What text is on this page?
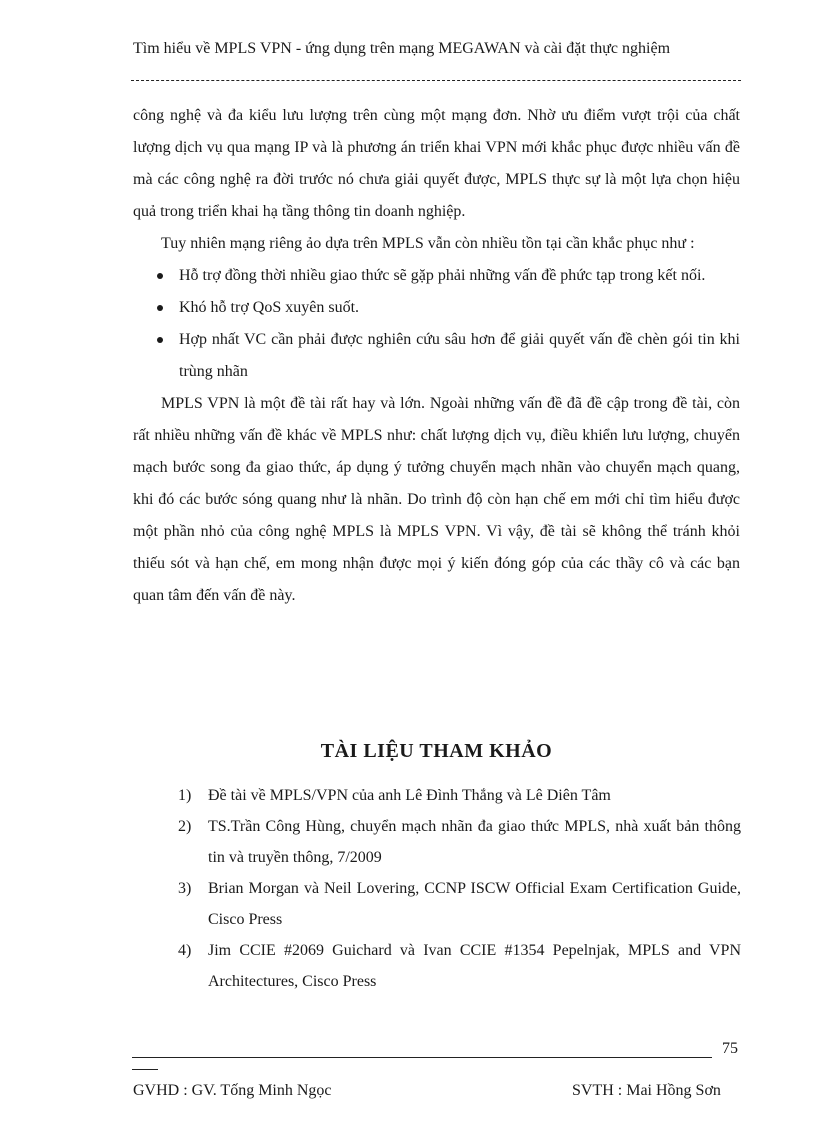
Tìm hiểu về MPLS VPN - ứng dụng trên mạng MEGAWAN và cài đặt thực nghiệm

công nghệ và đa kiểu lưu lượng trên cùng một mạng đơn. Nhờ ưu điểm vượt trội của chất lượng dịch vụ qua mạng IP và là phương án triển khai VPN mới khắc phục được nhiều vấn đề mà các công nghệ ra đời trước nó chưa giải quyết được, MPLS thực sự là một lựa chọn hiệu quả trong triển khai hạ tầng thông tin doanh nghiệp.

Tuy nhiên mạng riêng ảo dựa trên MPLS vẫn còn nhiều tồn tại cần khắc phục như :

Hỗ trợ đồng thời nhiều giao thức sẽ gặp phải những vấn đề phức tạp trong kết nối.
Khó hỗ trợ QoS xuyên suốt.
Hợp nhất VC cần phải được nghiên cứu sâu hơn để giải quyết vấn đề chèn gói tin khi trùng nhãn

MPLS VPN là một đề tài rất hay và lớn. Ngoài những vấn đề đã đề cập trong đề tài, còn rất nhiều những vấn đề khác về MPLS như: chất lượng dịch vụ, điều khiển lưu lượng, chuyển mạch bước song đa giao thức, áp dụng ý tưởng chuyển mạch nhãn vào chuyển mạch quang, khi đó các bước sóng quang như là nhãn. Do trình độ còn hạn chế em mới chỉ tìm hiểu được một phần nhỏ của công nghệ MPLS là MPLS VPN. Vì vậy, đề tài sẽ không thể tránh khỏi thiếu sót và hạn chế, em mong nhận được mọi ý kiến đóng góp của các thầy cô và các bạn quan tâm đến vấn đề này.

TÀI LIỆU THAM KHẢO
1) Đề tài về MPLS/VPN của anh Lê Đình Thắng và Lê Diên Tâm
2) TS.Trần Công Hùng, chuyển mạch nhãn đa giao thức MPLS, nhà xuất bản thông tin và truyền thông, 7/2009
3) Brian Morgan và Neil Lovering, CCNP ISCW Official Exam Certification Guide, Cisco Press
4) Jim CCIE #2069 Guichard và Ivan CCIE #1354 Pepelnjak, MPLS and VPN Architectures, Cisco Press
75
GVHD : GV. Tống Minh Ngọc	SVTH : Mai Hồng Sơn
